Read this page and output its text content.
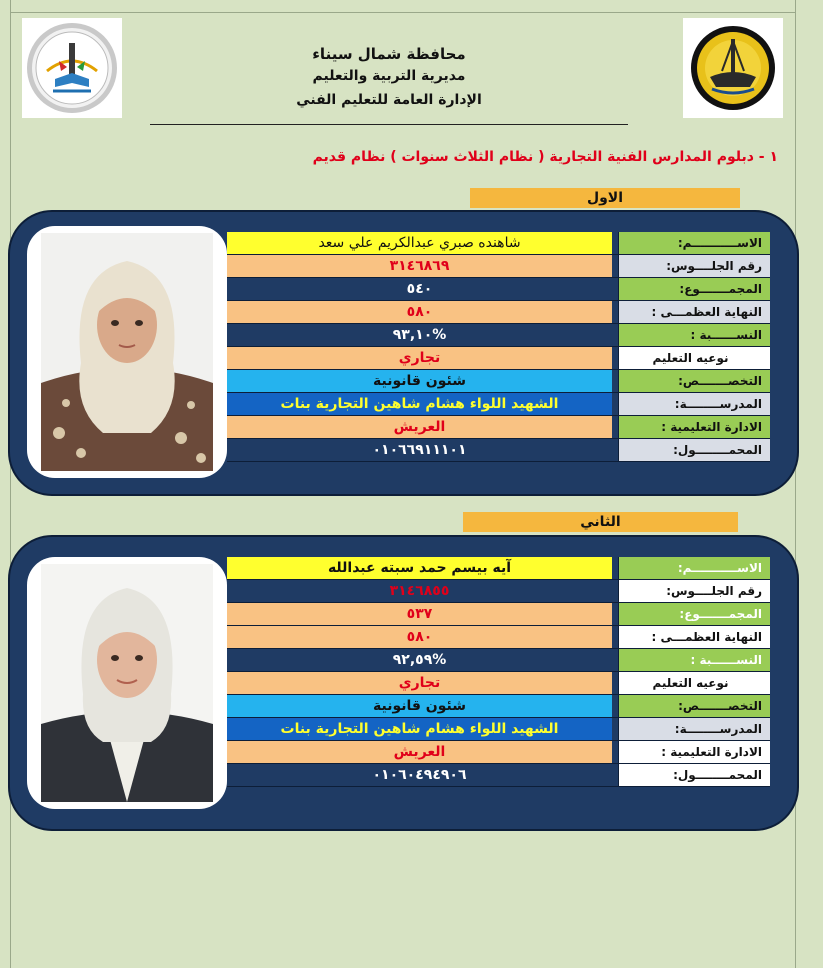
محافظة شمال سيناء
مديرية التربية والتعليم
الإدارة العامة للتعليم الفني
١ - دبلوم المدارس الفنية التجارية ( نظام الثلاث سنوات ) نظام قديم
الاول
شاهنده صبري عبدالكريم علي سعد	الاســـــــــــم:
٣١٤٦٨٦٩	رقم الجلــــوس:
٥٤٠	المجمـــــــوع:
٥٨٠	النهاية العظمـــى :
%٩٣,١٠	النســــــبة :
تجاري	نوعيه التعليم
شئون قانونية	التخصـــــــص:
الشهيد اللواء هشام شاهين التجارية بنات	المدرســــــــة:
العريش	الادارة التعليمية :
٠١٠٦٦٩١١١٠١	المحمــــــــول:
الثاني
آيه بيسم حمد سبته عبدالله	الاســـــــــــم:
٣١٤٦٨٥٥	رقم الجلــــوس:
٥٣٧	المجمـــــــوع:
٥٨٠	النهاية العظمـــى :
%٩٢,٥٩	النســــــبة :
تجاري	نوعيه التعليم
شئون قانونية	التخصـــــــص:
الشهيد اللواء هشام شاهين التجارية بنات	المدرســــــــة:
العريش	الادارة التعليمية :
٠١٠٦٠٤٩٤٩٠٦	المحمــــــــول:
